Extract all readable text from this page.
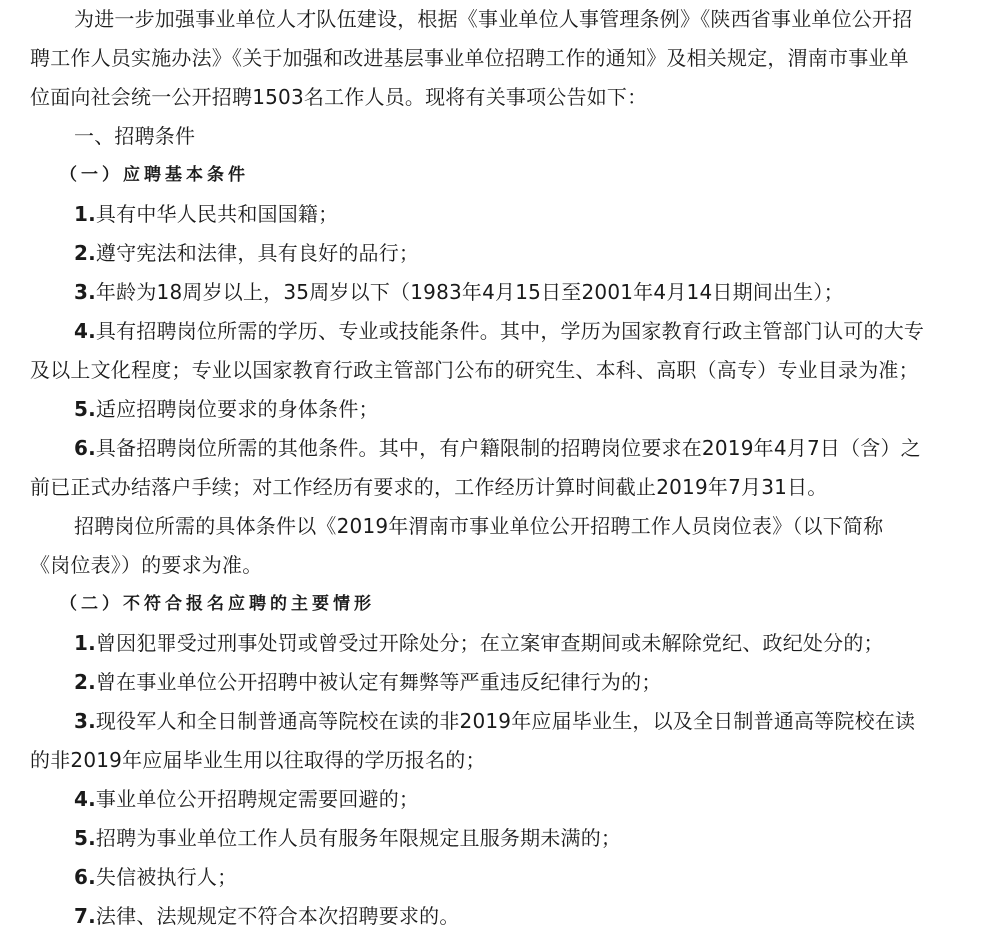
为进一步加强事业单位人才队伍建设，根据《事业单位人事管理条例》《陕西省事业单位公开招
聘工作人员实施办法》《关于加强和改进基层事业单位招聘工作的通知》及相关规定，渭南市事业单
位面向社会统一公开招聘1503名工作人员。现将有关事项公告如下：
一、招聘条件
（一）应聘基本条件
1.具有中华人民共和国国籍；
2.遵守宪法和法律，具有良好的品行；
3.年龄为18周岁以上，35周岁以下（1983年4月15日至2001年4月14日期间出生）；
4.具有招聘岗位所需的学历、专业或技能条件。其中，学历为国家教育行政主管部门认可的大专
及以上文化程度；专业以国家教育行政主管部门公布的研究生、本科、高职（高专）专业目录为准；
5.适应招聘岗位要求的身体条件；
6.具备招聘岗位所需的其他条件。其中，有户籍限制的招聘岗位要求在2019年4月7日（含）之
前已正式办结落户手续；对工作经历有要求的，工作经历计算时间截止2019年7月31日。
招聘岗位所需的具体条件以《2019年渭南市事业单位公开招聘工作人员岗位表》（以下简称
《岗位表》）的要求为准。
（二）不符合报名应聘的主要情形
1.曾因犯罪受过刑事处罚或曾受过开除处分；在立案审查期间或未解除党纪、政纪处分的；
2.曾在事业单位公开招聘中被认定有舞弊等严重违反纪律行为的；
3.现役军人和全日制普通高等院校在读的非2019年应届毕业生，以及全日制普通高等院校在读
的非2019年应届毕业生用以往取得的学历报名的；
4.事业单位公开招聘规定需要回避的；
5.招聘为事业单位工作人员有服务年限规定且服务期未满的；
6.失信被执行人；
7.法律、法规规定不符合本次招聘要求的。
